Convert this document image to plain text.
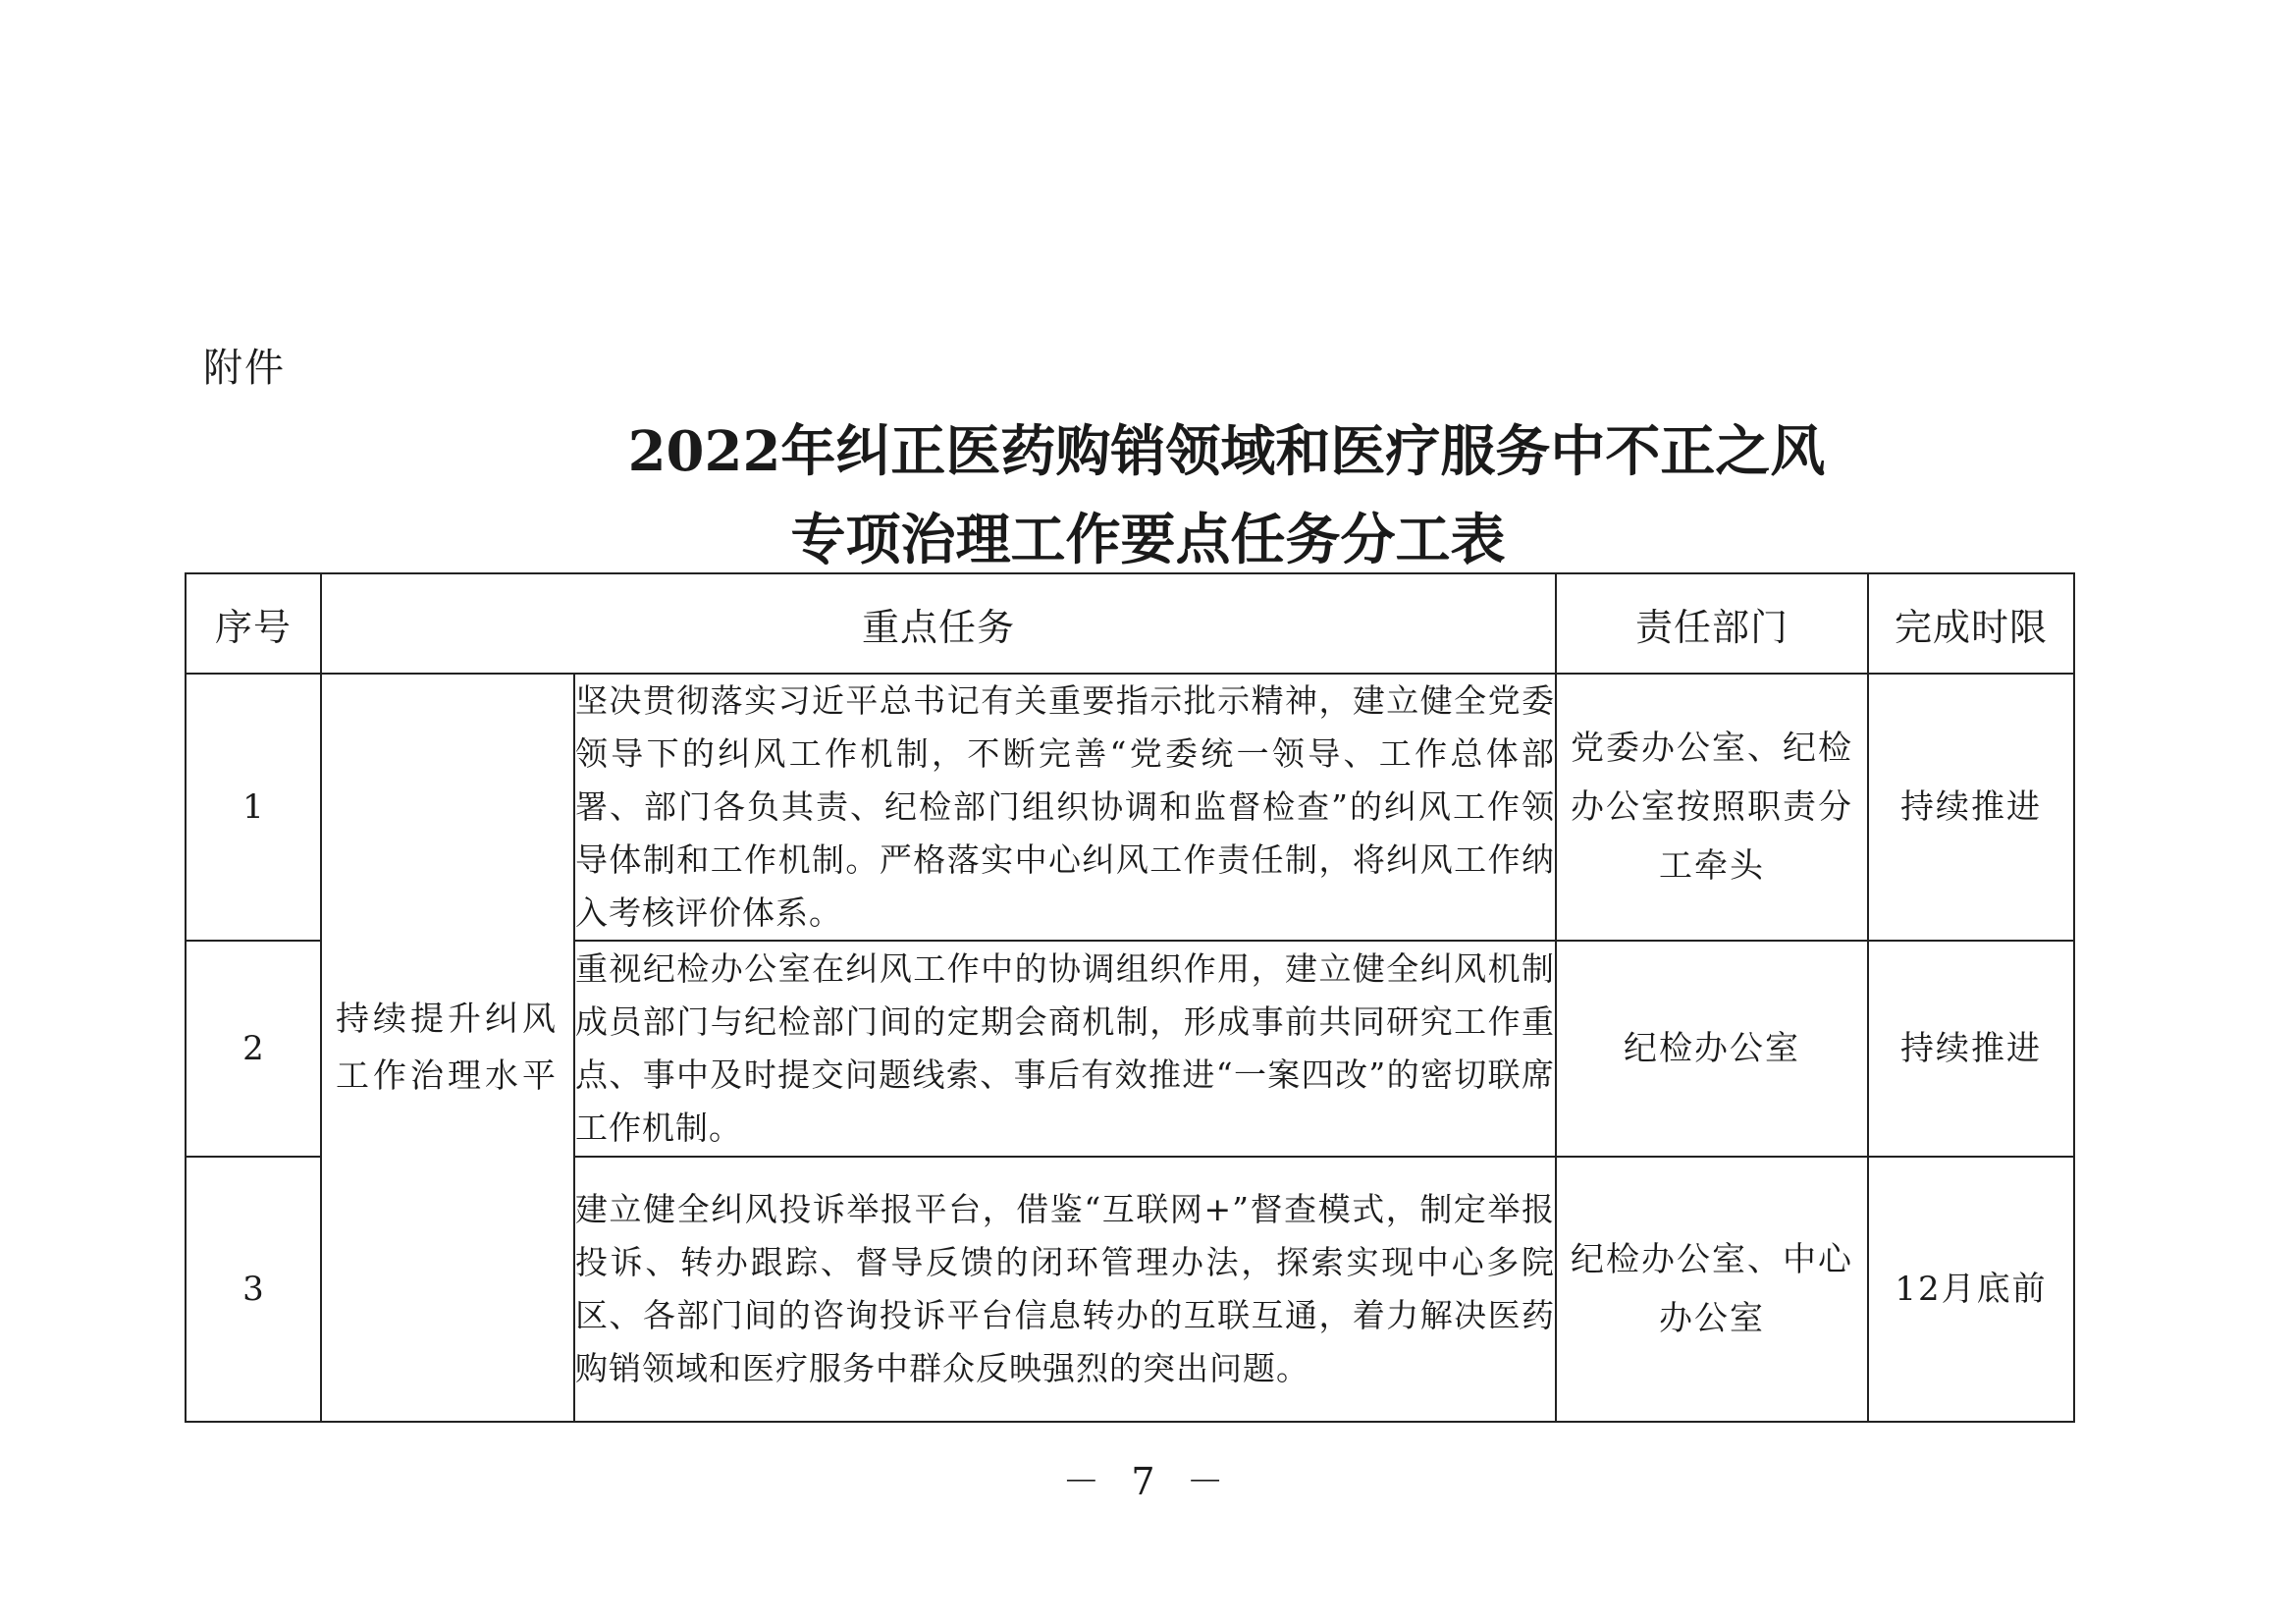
附件
2022年纠正医药购销领域和医疗服务中不正之风
专项治理工作要点任务分工表
序号	重点任务		责任部门	完成时限
1	持续提升纠风工作治理水平	坚决贯彻落实习近平总书记有关重要指示批示精神，建立健全党委领导下的纠风工作机制，不断完善“党委统一领导、工作总体部署、部门各负其责、纪检部门组织协调和监督检查”的纠风工作领导体制和工作机制。严格落实中心纠风工作责任制，将纠风工作纳入考核评价体系。	党委办公室、纪检办公室按照职责分工牵头	持续推进
2		重视纪检办公室在纠风工作中的协调组织作用，建立健全纠风机制成员部门与纪检部门间的定期会商机制，形成事前共同研究工作重点、事中及时提交问题线索、事后有效推进“一案四改”的密切联席工作机制。	纪检办公室	持续推进
3		建立健全纠风投诉举报平台，借鉴“互联网+”督查模式，制定举报投诉、转办跟踪、督导反馈的闭环管理办法，探索实现中心多院区、各部门间的咨询投诉平台信息转办的互联互通，着力解决医药购销领域和医疗服务中群众反映强烈的突出问题。	纪检办公室、中心办公室	12月底前
－ 7 －
